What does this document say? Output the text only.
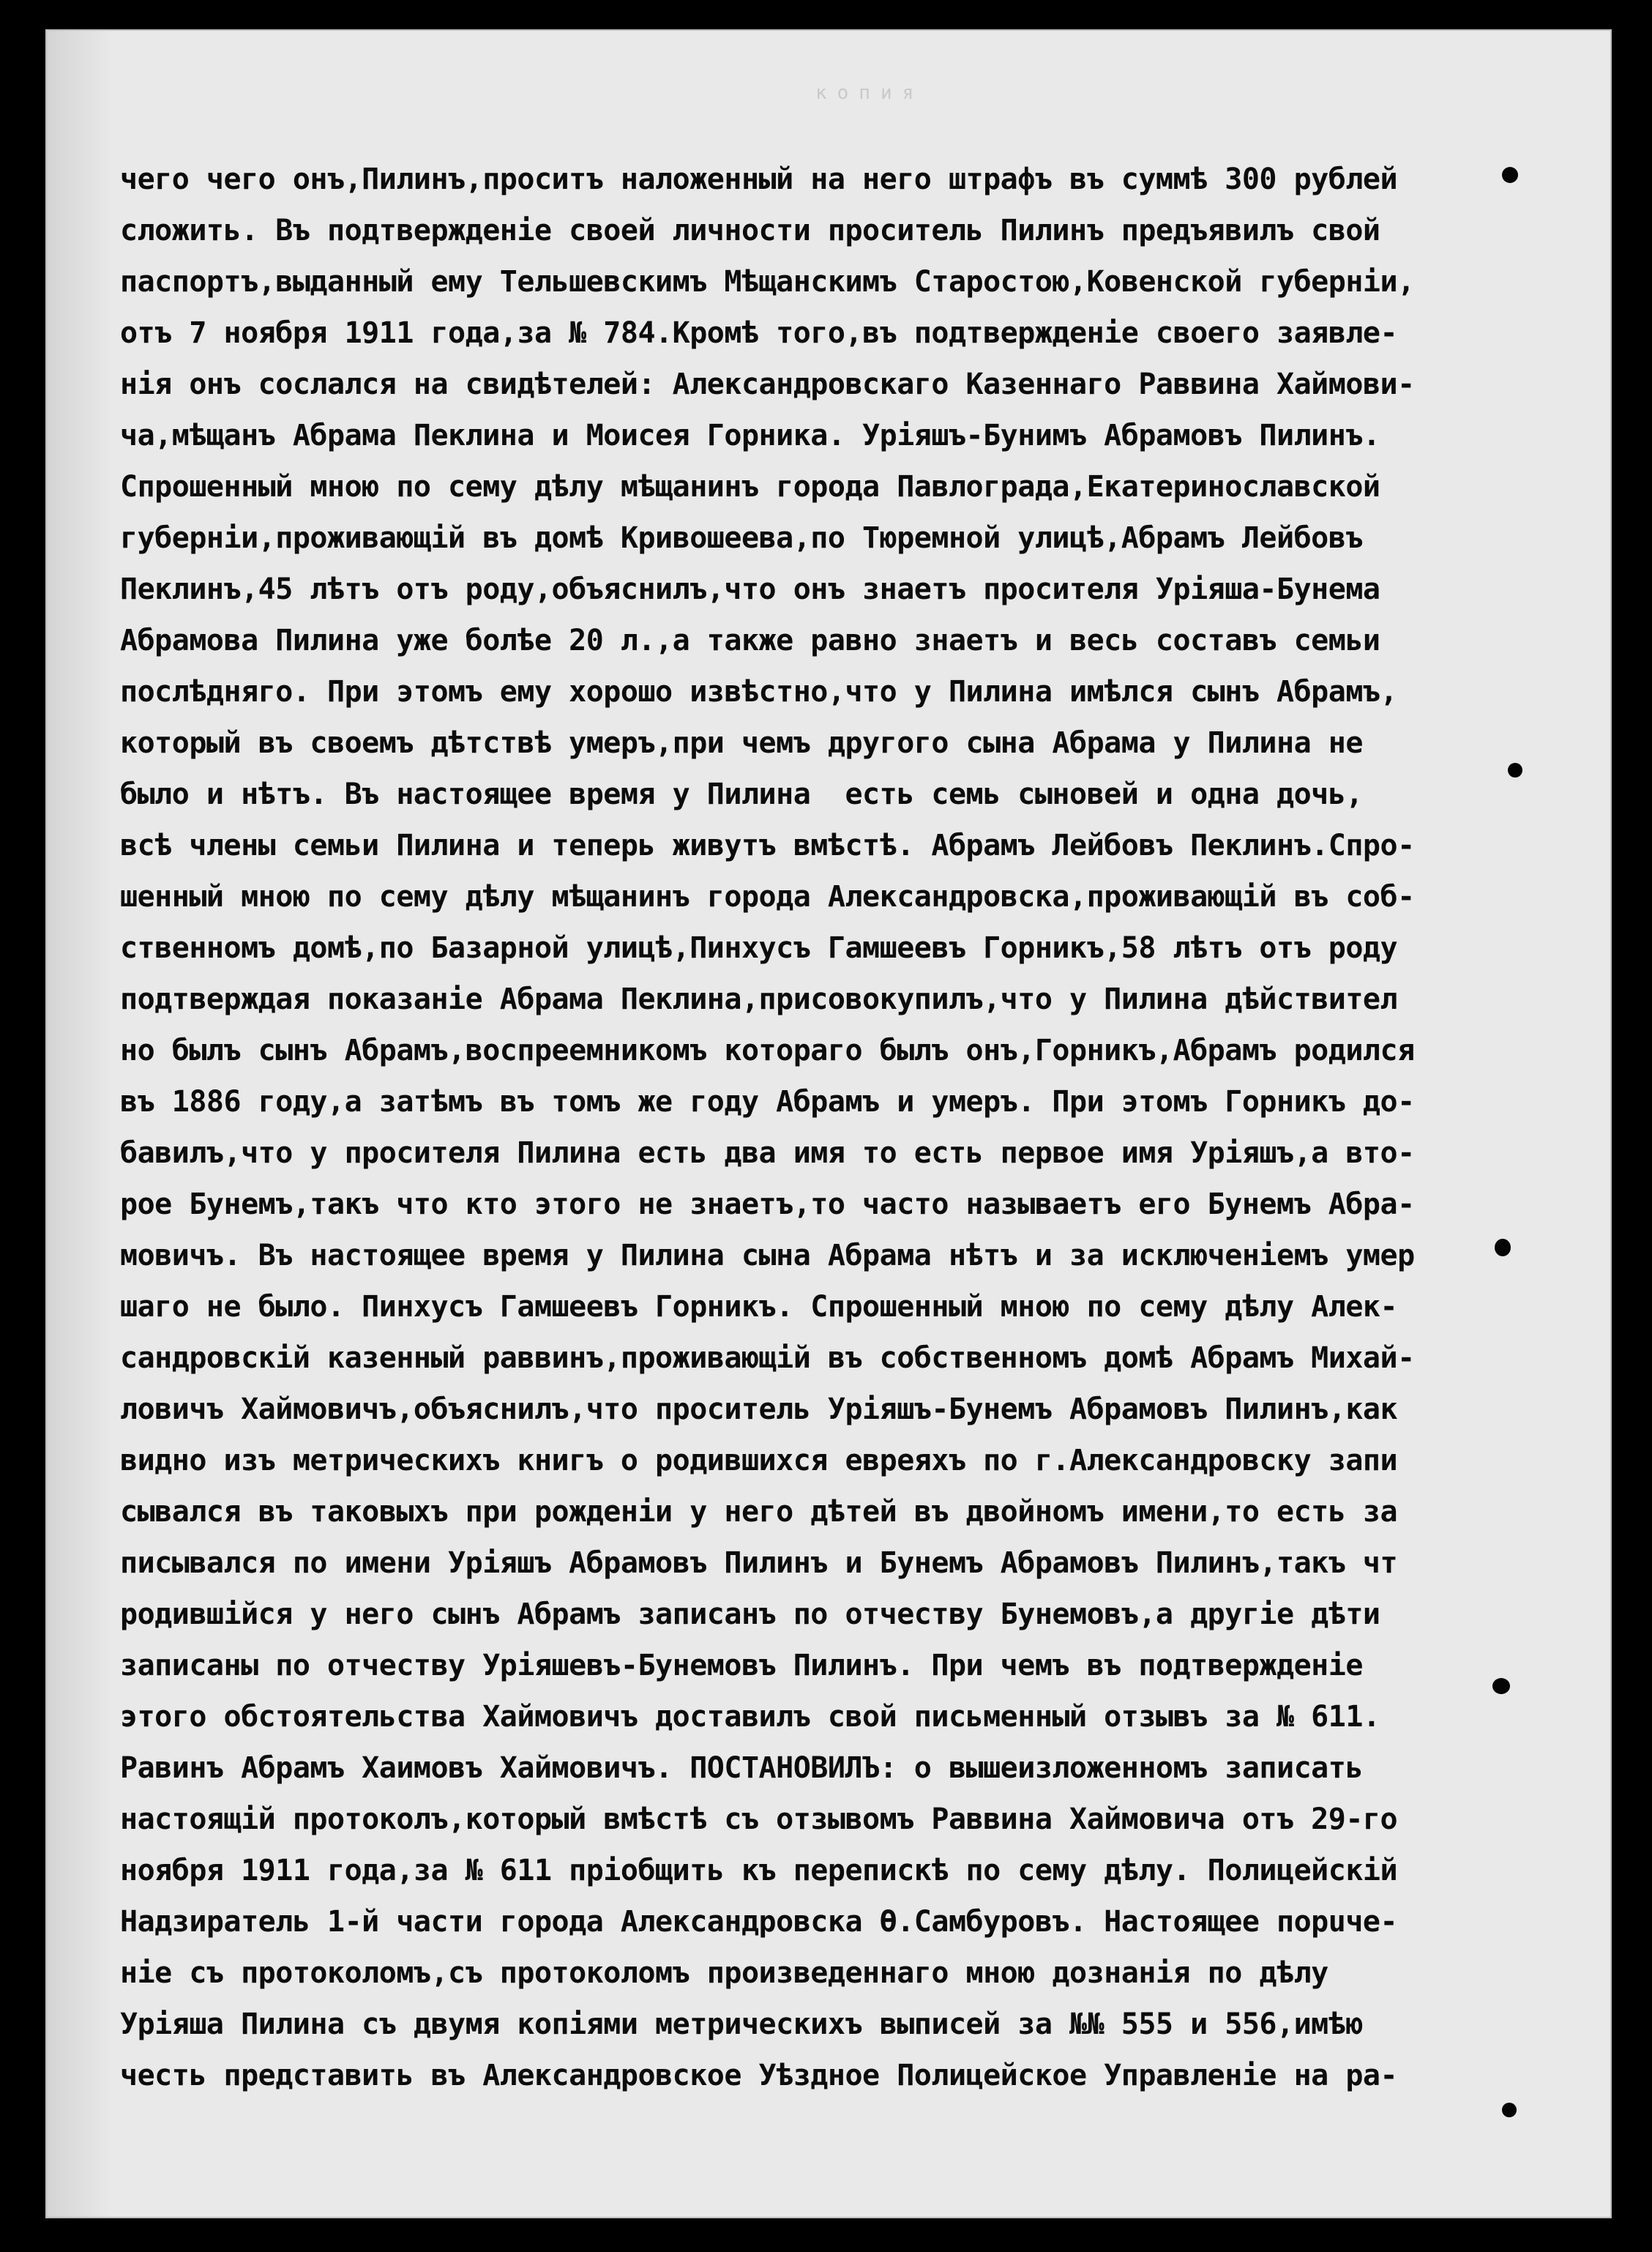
копия
чего чего онъ,Пилинъ,проситъ наложенный на него штрафъ въ суммѣ 300 рублей
сложить. Въ подтвержденіе своей личности проситель Пилинъ предъявилъ свой
паспортъ,выданный ему Тельшевскимъ Мѣщанскимъ Старостою,Ковенской губерніи,
отъ 7 ноября 1911 года,за № 784.Кромѣ того,въ подтвержденіе своего заявле-
нія онъ сослался на свидѣтелей: Александровскаго Казеннаго Раввина Хаймови-
ча,мѣщанъ Абрама Пеклина и Моисея Горника. Уріяшъ-Бунимъ Абрамовъ Пилинъ.
Спрошенный мною по сему дѣлу мѣщанинъ города Павлограда,Екатеринославской
губерніи,проживающій въ домѣ Кривошеева,по Тюремной улицѣ,Абрамъ Лейбовъ
Пеклинъ,45 лѣтъ отъ роду,объяснилъ,что онъ знаетъ просителя Уріяша-Бунема
Абрамова Пилина уже болѣе 20 л.,а также равно знаетъ и весь составъ семьи
послѣдняго. При этомъ ему хорошо извѣстно,что у Пилина имѣлся сынъ Абрамъ,
который въ своемъ дѣтствѣ умеръ,при чемъ другого сына Абрама у Пилина не
было и нѣтъ. Въ настоящее время у Пилина  есть семь сыновей и одна дочь,
всѣ члены семьи Пилина и теперь живутъ вмѣстѣ. Абрамъ Лейбовъ Пеклинъ.Спро-
шенный мною по сему дѣлу мѣщанинъ города Александровска,проживающій въ соб-
ственномъ домѣ,по Базарной улицѣ,Пинхусъ Гамшеевъ Горникъ,58 лѣтъ отъ роду
подтверждая показаніе Абрама Пеклина,присовокупилъ,что у Пилина дѣйствител
но былъ сынъ Абрамъ,воспреемникомъ котораго былъ онъ,Горникъ,Абрамъ родился
въ 1886 году,а затѣмъ въ томъ же году Абрамъ и умеръ. При этомъ Горникъ до-
бавилъ,что у просителя Пилина есть два имя то есть первое имя Уріяшъ,а вто-
рое Бунемъ,такъ что кто этого не знаетъ,то часто называетъ его Бунемъ Абра-
мовичъ. Въ настоящее время у Пилина сына Абрама нѣтъ и за исключеніемъ умер
шаго не было. Пинхусъ Гамшеевъ Горникъ. Спрошенный мною по сему дѣлу Алек-
сандровскій казенный раввинъ,проживающій въ собственномъ домѣ Абрамъ Михай-
ловичъ Хаймовичъ,объяснилъ,что проситель Уріяшъ-Бунемъ Абрамовъ Пилинъ,как
видно изъ метрическихъ книгъ о родившихся евреяхъ по г.Александровску запи
сывался въ таковыхъ при рожденіи у него дѣтей въ двойномъ имени,то есть за
писывался по имени Уріяшъ Абрамовъ Пилинъ и Бунемъ Абрамовъ Пилинъ,такъ чт
родившійся у него сынъ Абрамъ записанъ по отчеству Бунемовъ,а другіе дѣти
записаны по отчеству Уріяшевъ-Бунемовъ Пилинъ. При чемъ въ подтвержденіе
этого обстоятельства Хаймовичъ доставилъ свой письменный отзывъ за № 611.
Равинъ Абрамъ Хаимовъ Хаймовичъ. ПОСТАНОВИЛЪ: о вышеизложенномъ записать
настоящій протоколъ,который вмѣстѣ съ отзывомъ Раввина Хаймовича отъ 29-го
ноября 1911 года,за № 611 пріобщить къ перепискѣ по сему дѣлу. Полицейскій
Надзиратель 1-й части города Александровска Ѳ.Самбуровъ. Настоящее порuче-
ніе съ протоколомъ,съ протоколомъ произведеннаго мною дознанія по дѣлу
Уріяша Пилина съ двумя копіями метрическихъ выписей за №№ 555 и 556,имѣю
честь представить въ Александровское Уѣздное Полицейское Управленіе на ра-
